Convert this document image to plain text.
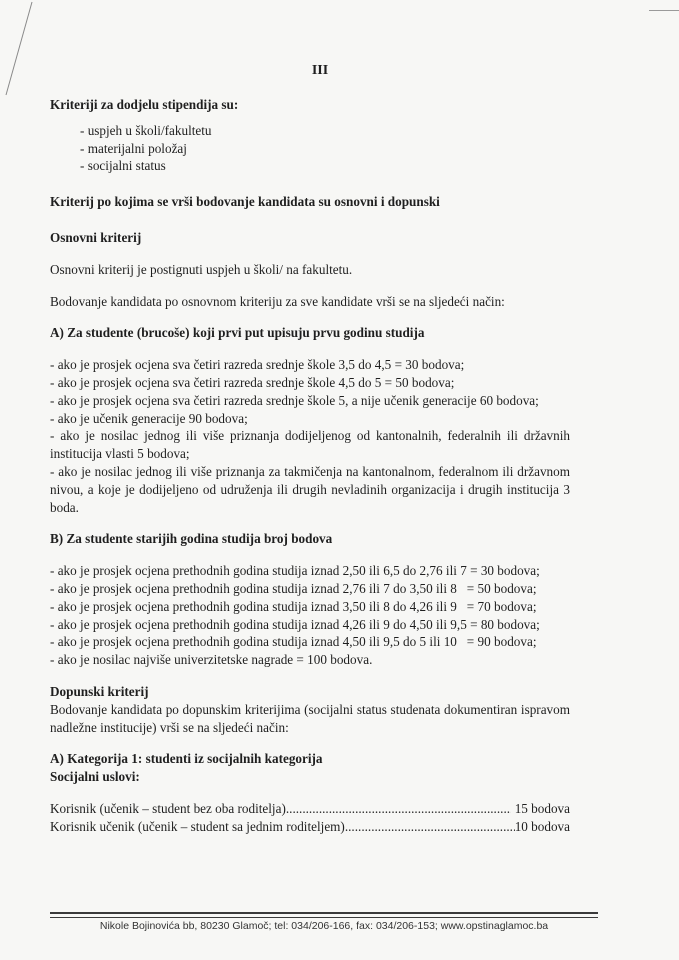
III

Kriteriji za dodjelu stipendija su:

- uspjeh u školi/fakultetu
- materijalni položaj
- socijalni status

Kriterij po kojima se vrši bodovanje kandidata su osnovni i dopunski

Osnovni kriterij

Osnovni kriterij je postignuti uspjeh u školi/ na fakultetu.

Bodovanje kandidata po osnovnom kriteriju za sve kandidate vrši se na sljedeći način:

A) Za studente (brucoše) koji prvi put upisuju prvu godinu studija

- ako je prosjek ocjena sva četiri razreda srednje škole 3,5 do 4,5 = 30 bodova;

- ako je prosjek ocjena sva četiri razreda srednje škole 4,5 do 5 = 50 bodova;

- ako je prosjek ocjena sva četiri razreda srednje škole 5, a nije učenik generacije 60 bodova;

- ako je učenik generacije 90 bodova;

- ako je nosilac jednog ili više priznanja dodijeljenog od kantonalnih, federalnih ili državnih institucija vlasti 5 bodova;

- ako je nosilac jednog ili više priznanja za takmičenja na kantonalnom, federalnom ili državnom nivou, a koje je dodijeljeno od udruženja ili drugih nevladinih organizacija i drugih institucija 3 boda.

B) Za studente starijih godina studija broj bodova

- ako je prosjek ocjena prethodnih godina studija iznad 2,50 ili 6,5 do 2,76 ili 7 = 30 bodova;

- ako je prosjek ocjena prethodnih godina studija iznad 2,76 ili 7 do 3,50 ili 8   = 50 bodova;

- ako je prosjek ocjena prethodnih godina studija iznad 3,50 ili 8 do 4,26 ili 9   = 70 bodova;

- ako je prosjek ocjena prethodnih godina studija iznad 4,26 ili 9 do 4,50 ili 9,5 = 80 bodova;

- ako je prosjek ocjena prethodnih godina studija iznad 4,50 ili 9,5 do 5 ili 10   = 90 bodova;

- ako je nosilac najviše univerzitetske nagrade = 100 bodova.

Dopunski kriterij

Bodovanje kandidata po dopunskim kriterijima (socijalni status studenata dokumentiran ispravom nadležne institucije) vrši se na sljedeći način:

A) Kategorija 1: studenti iz socijalnih kategorija

Socijalni uslovi:

Korisnik (učenik – student bez oba roditelja) .....	15 bodova
Korisnik učenik (učenik – student sa jednim roditeljem) .....	10 bodova
Nikole Bojinovića bb, 80230 Glamoč; tel: 034/206-166, fax: 034/206-153; www.opstinaglamoc.ba
